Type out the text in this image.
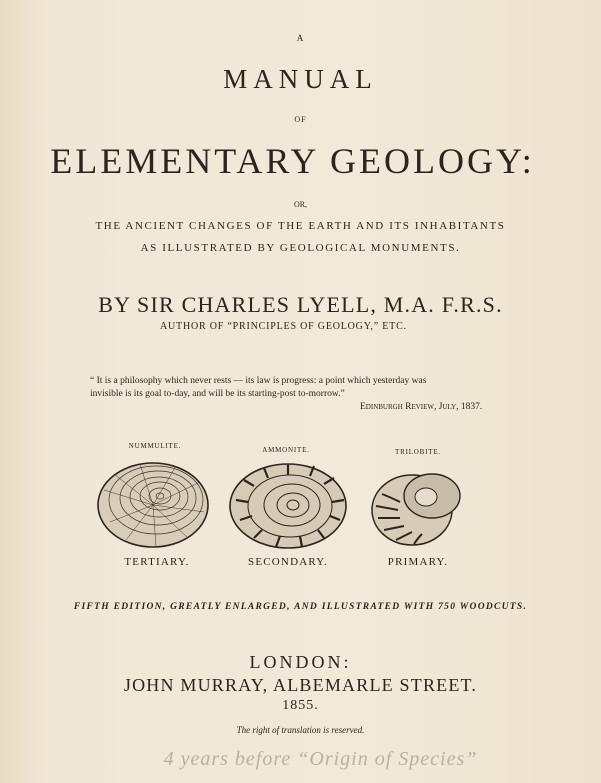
A
MANUAL
OF
ELEMENTARY GEOLOGY:
OR,
THE ANCIENT CHANGES OF THE EARTH AND ITS INHABITANTS
AS ILLUSTRATED BY GEOLOGICAL MONUMENTS.
BY SIR CHARLES LYELL, M.A. F.R.S.
AUTHOR OF “PRINCIPLES OF GEOLOGY,” ETC.
“ It is a philosophy which never rests — its law is progress: a point which yesterday was
invisible is its goal to-day, and will be its starting-post to-morrow.”
Edinburgh Review, July, 1837.
NUMMULITE.	AMMONITE.	TRILOBITE.
TERTIARY.	SECONDARY.	PRIMARY.
FIFTH EDITION, GREATLY ENLARGED, AND ILLUSTRATED WITH 750 WOODCUTS.
LONDON:
JOHN MURRAY, ALBEMARLE STREET.
1855.
The right of translation is reserved.
4 years before “Origin of Species”
